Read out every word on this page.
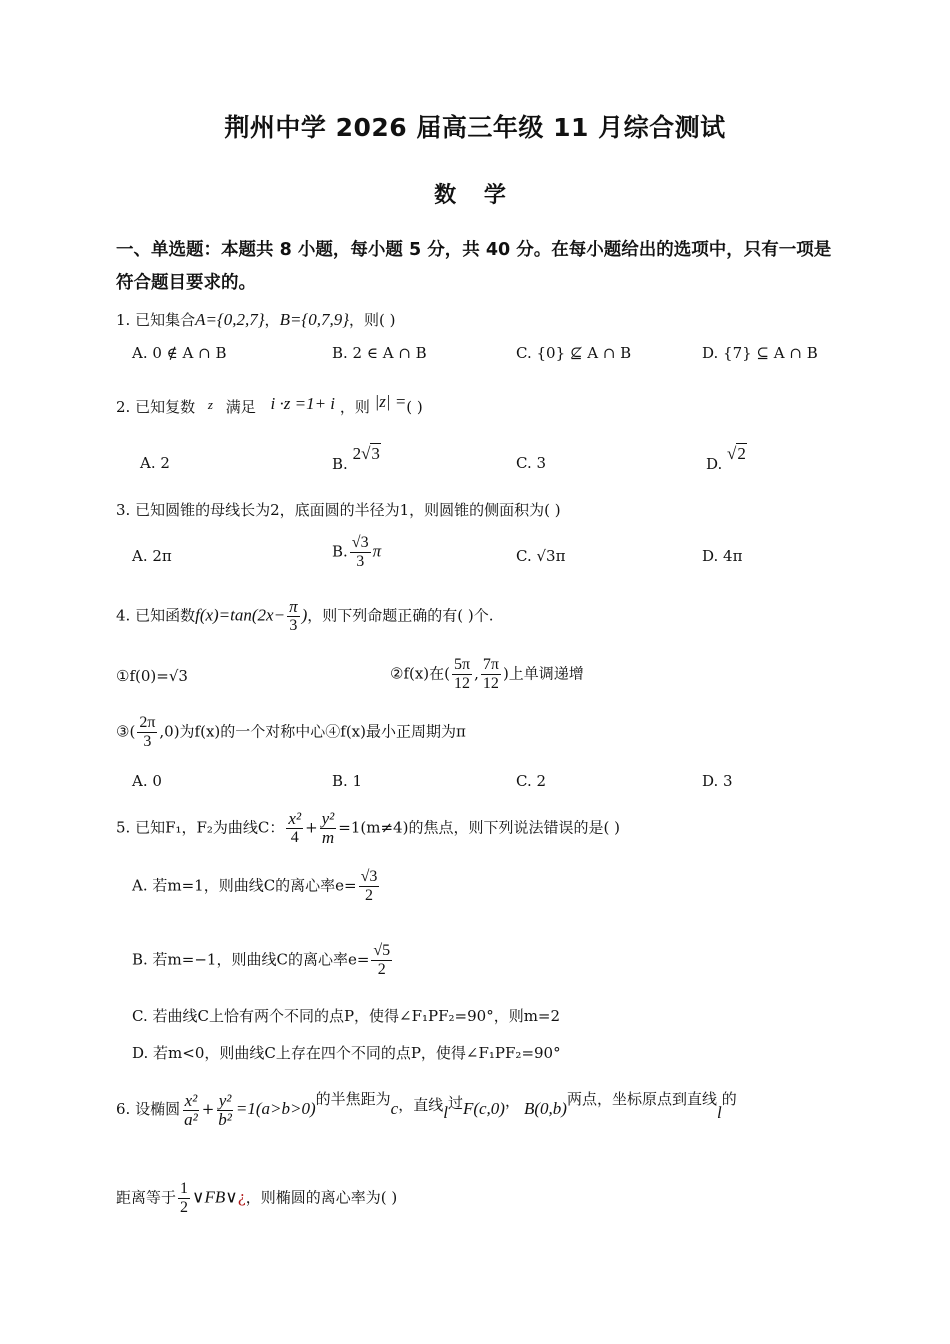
荆州中学 2026 届高三年级 11 月综合测试
数 学
一、单选题：本题共 8 小题，每小题 5 分，共 40 分。在每小题给出的选项中，只有一项是符合题目要求的。
1. 已知集合A={0,2,7}，B={0,7,9}，则( )
A. 0 ∉ A ∩ B	B. 2 ∈ A ∩ B	C. {0} ⊈ A ∩ B	D. {7} ⊆ A ∩ B
2. 已知复数 z 满足 i ·z =1+ i ，则 |z| =( )
A. 2	B. 2√3	C. 3	D. √2
3. 已知圆锥的母线长为2，底面圆的半径为1，则圆锥的侧面积为( )
A. 2π	B. $\frac{√3}{3}$ π	C. √3π	D. 4π
4. 已知函数$f(x)=\tan(2x- \frac{\pi}{3}$ )，则下列命题正确的有( )个.
①f(0)=√3	②f(x)在( $\frac{5\pi}{12}$ , $\frac{7\pi}{12}$ )上单调递增
③( $\frac{2\pi}{3} ,0$)为f(x)的一个对称中心④f(x)最小正周期为π
A. 0	B. 1	C. 2	D. 3
5. 已知F₁，F₂为曲线C： $\frac{\text{x²}}{4} + \frac{\text{y²}}{m} =1(m\ne 4)$的焦点，则下列说法错误的是( )
A. 若m=1，则曲线C的离心率$e= \frac{√3}{2}$
B. 若m=−1，则曲线C的离心率$e= \frac{√5}{2}$
C. 若曲线C上恰有两个不同的点P，使得∠F₁PF₂=90°，则m=2
D. 若m<0，则曲线C上存在四个不同的点P，使得∠F₁PF₂=90°
6. 设椭圆 $\frac{\text{x²}}{\text{a²}} + \frac{\text{y²}}{\text{b²}} =1(a>b>0)$的半焦距为c，直线l过F(c,0)， B(0,b)两点，坐标原点到直线l的
距离等于 $\frac{1}{2}$ ∨FB∨¿，则椭圆的离心率为( )
